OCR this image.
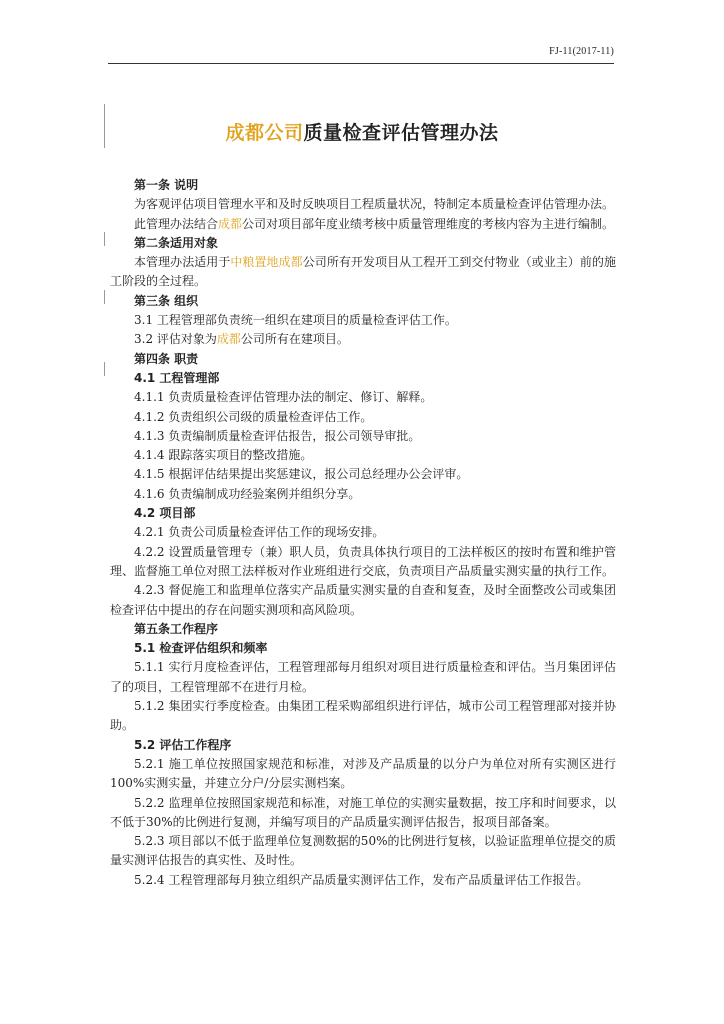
FJ-11(2017-11)
成都公司质量检查评估管理办法

第一条 说明

为客观评估项目管理水平和及时反映项目工程质量状况，特制定本质量检查评估管理办法。

此管理办法结合成都公司对项目部年度业绩考核中质量管理维度的考核内容为主进行编制。

第二条适用对象

本管理办法适用于中粮置地成都公司所有开发项目从工程开工到交付物业（或业主）前的施工阶段的全过程。

第三条 组织

3.1 工程管理部负责统一组织在建项目的质量检查评估工作。

3.2 评估对象为成都公司所有在建项目。

第四条 职责

4.1 工程管理部

4.1.1 负责质量检查评估管理办法的制定、修订、解释。

4.1.2 负责组织公司级的质量检查评估工作。

4.1.3 负责编制质量检查评估报告，报公司领导审批。

4.1.4 跟踪落实项目的整改措施。

4.1.5 根据评估结果提出奖惩建议，报公司总经理办公会评审。

4.1.6 负责编制成功经验案例并组织分享。

4.2 项目部

4.2.1 负责公司质量检查评估工作的现场安排。

4.2.2 设置质量管理专（兼）职人员，负责具体执行项目的工法样板区的按时布置和维护管理、监督施工单位对照工法样板对作业班组进行交底，负责项目产品质量实测实量的执行工作。

4.2.3 督促施工和监理单位落实产品质量实测实量的自查和复查，及时全面整改公司或集团检查评估中提出的存在问题实测项和高风险项。

第五条工作程序

5.1 检查评估组织和频率

5.1.1 实行月度检查评估，工程管理部每月组织对项目进行质量检查和评估。当月集团评估了的项目，工程管理部不在进行月检。

5.1.2 集团实行季度检查。由集团工程采购部组织进行评估，城市公司工程管理部对接并协助。

5.2 评估工作程序

5.2.1 施工单位按照国家规范和标准，对涉及产品质量的以分户为单位对所有实测区进行100%实测实量，并建立分户/分层实测档案。

5.2.2 监理单位按照国家规范和标准，对施工单位的实测实量数据，按工序和时间要求，以不低于30%的比例进行复测，并编写项目的产品质量实测评估报告，报项目部备案。

5.2.3 项目部以不低于监理单位复测数据的50%的比例进行复核，以验证监理单位提交的质量实测评估报告的真实性、及时性。

5.2.4 工程管理部每月独立组织产品质量实测评估工作，发布产品质量评估工作报告。
